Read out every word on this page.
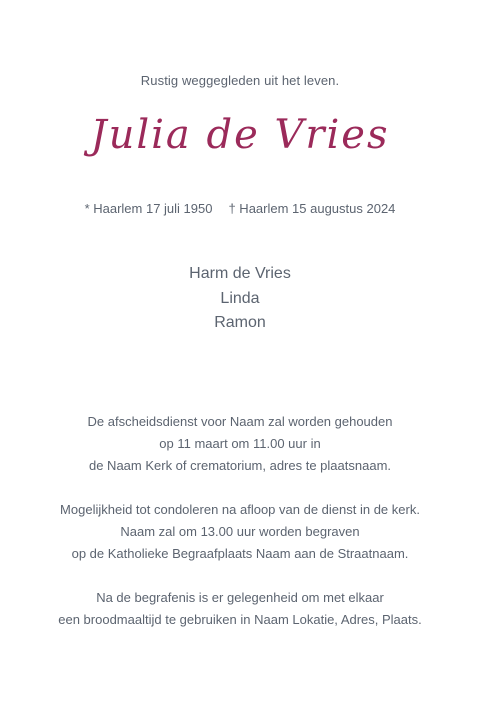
Rustig weggegleden uit het leven.
Julia de Vries
* Haarlem 17 juli 1950 † Haarlem 15 augustus 2024
Harm de Vries
Linda
Ramon
De afscheidsdienst voor Naam zal worden gehouden
op 11 maart om 11.00 uur in
de Naam Kerk of crematorium, adres te plaatsnaam.
Mogelijkheid tot condoleren na afloop van de dienst in de kerk.
Naam zal om 13.00 uur worden begraven
op de Katholieke Begraafplaats Naam aan de Straatnaam.
Na de begrafenis is er gelegenheid om met elkaar
een broodmaaltijd te gebruiken in Naam Lokatie, Adres, Plaats.
